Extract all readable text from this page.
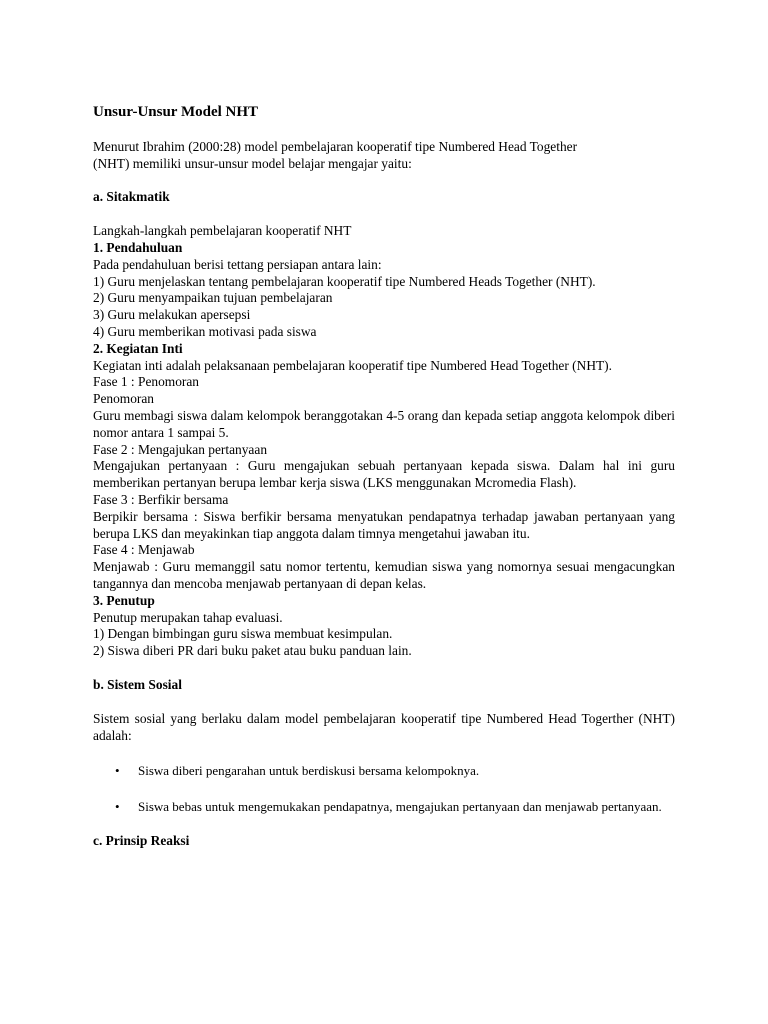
Unsur-Unsur Model NHT

Menurut Ibrahim (2000:28) model pembelajaran kooperatif tipe Numbered Head Together

(NHT) memiliki unsur-unsur model belajar mengajar yaitu:

a. Sitakmatik

Langkah-langkah pembelajaran kooperatif NHT

1. Pendahuluan

Pada pendahuluan berisi tettang persiapan antara lain:

1) Guru menjelaskan tentang pembelajaran kooperatif tipe Numbered Heads Together (NHT).

2) Guru menyampaikan tujuan pembelajaran

3) Guru melakukan apersepsi

4) Guru memberikan motivasi pada siswa

2. Kegiatan Inti

Kegiatan inti adalah pelaksanaan pembelajaran kooperatif tipe Numbered Head Together (NHT).

Fase 1 : Penomoran

Penomoran

Guru membagi siswa dalam kelompok beranggotakan 4-5 orang dan kepada setiap anggota kelompok diberi nomor antara 1 sampai 5.

Fase 2 : Mengajukan pertanyaan

Mengajukan pertanyaan : Guru mengajukan sebuah pertanyaan kepada siswa. Dalam hal ini guru memberikan pertanyan berupa lembar kerja siswa (LKS menggunakan Mcromedia Flash).

Fase 3 : Berfikir bersama

Berpikir bersama : Siswa berfikir bersama menyatukan pendapatnya terhadap jawaban pertanyaan yang berupa LKS dan meyakinkan tiap anggota dalam timnya mengetahui jawaban itu.

Fase 4 : Menjawab

Menjawab : Guru memanggil satu nomor tertentu, kemudian siswa yang nomornya sesuai mengacungkan tangannya dan mencoba menjawab pertanyaan di depan kelas.

3. Penutup

Penutup merupakan tahap evaluasi.

1) Dengan bimbingan guru siswa membuat kesimpulan.

2) Siswa diberi PR dari buku paket atau buku panduan lain.

b. Sistem Sosial

Sistem sosial yang berlaku dalam model pembelajaran kooperatif tipe Numbered Head Togerther (NHT) adalah:

• Siswa diberi pengarahan untuk berdiskusi bersama kelompoknya.
• Siswa bebas untuk mengemukakan pendapatnya, mengajukan pertanyaan dan menjawab pertanyaan.

c. Prinsip Reaksi
